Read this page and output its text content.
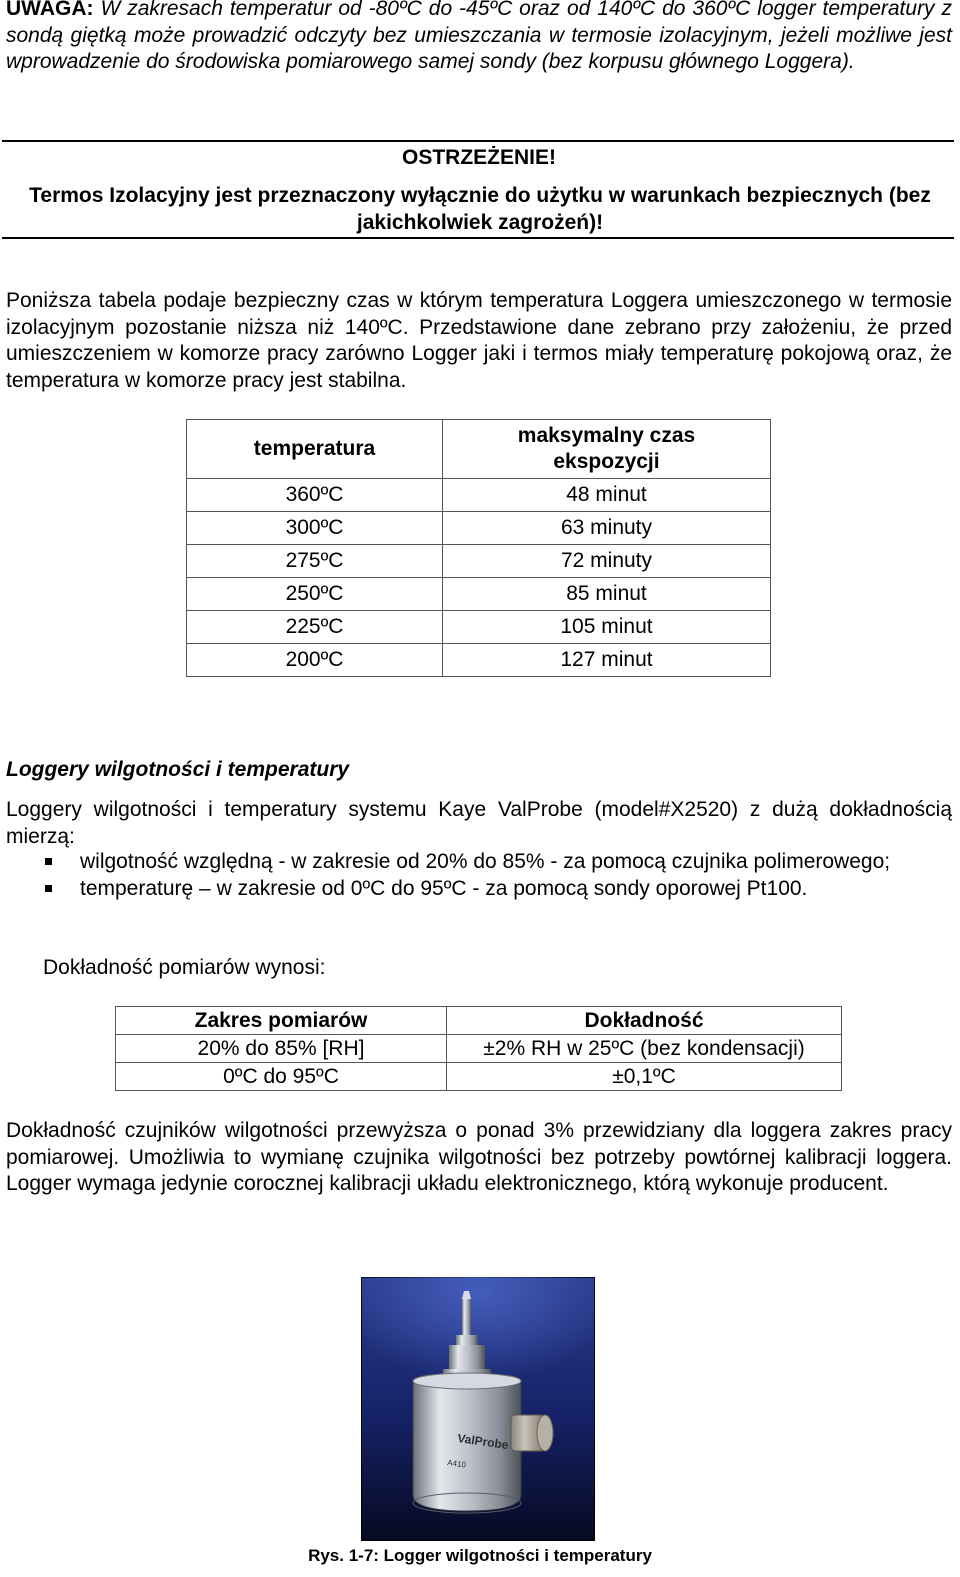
UWAGA: W zakresach temperatur od -80ºC do -45ºC oraz od 140ºC do 360ºC logger temperatury z sondą giętką może prowadzić odczyty bez umieszczania w termosie izolacyjnym, jeżeli możliwe jest wprowadzenie do środowiska pomiarowego samej sondy (bez korpusu głównego Loggera).

OSTRZEŻENIE!
Termos Izolacyjny jest przeznaczony wyłącznie do użytku w warunkach bezpiecznych (bez jakichkolwiek zagrożeń)!

Poniższa tabela podaje bezpieczny czas w którym temperatura Loggera umieszczonego w termosie izolacyjnym pozostanie niższa niż 140ºC. Przedstawione dane zebrano przy założeniu, że przed umieszczeniem w komorze pracy zarówno Logger jaki i termos miały temperaturę pokojową oraz, że temperatura w komorze pracy jest stabilna.

temperatura	maksymalny czas ekspozycji
360ºC	48 minut
300ºC	63 minuty
275ºC	72 minuty
250ºC	85 minut
225ºC	105 minut
200ºC	127 minut
Loggery wilgotności i temperatury

Loggery wilgotności i temperatury systemu Kaye ValProbe (model#X2520) z dużą dokładnością mierzą:

wilgotność względną - w zakresie od 20% do 85% - za pomocą czujnika polimerowego;
temperaturę – w zakresie od 0ºC do 95ºC - za pomocą sondy oporowej Pt100.
Dokładność pomiarów wynosi:
Zakres pomiarów	Dokładność
20% do 85% [RH]	±2% RH w 25ºC (bez kondensacji)
0ºC do 95ºC	±0,1ºC

Dokładność czujników wilgotności przewyższa o ponad 3% przewidziany dla loggera zakres pracy pomiarowej. Umożliwia to wymianę czujnika wilgotności bez potrzeby powtórnej kalibracji loggera. Logger wymaga jedynie corocznej kalibracji układu elektronicznego, którą wykonuje producent.

ValProbe
A410
Rys. 1-7: Logger wilgotności i temperatury
